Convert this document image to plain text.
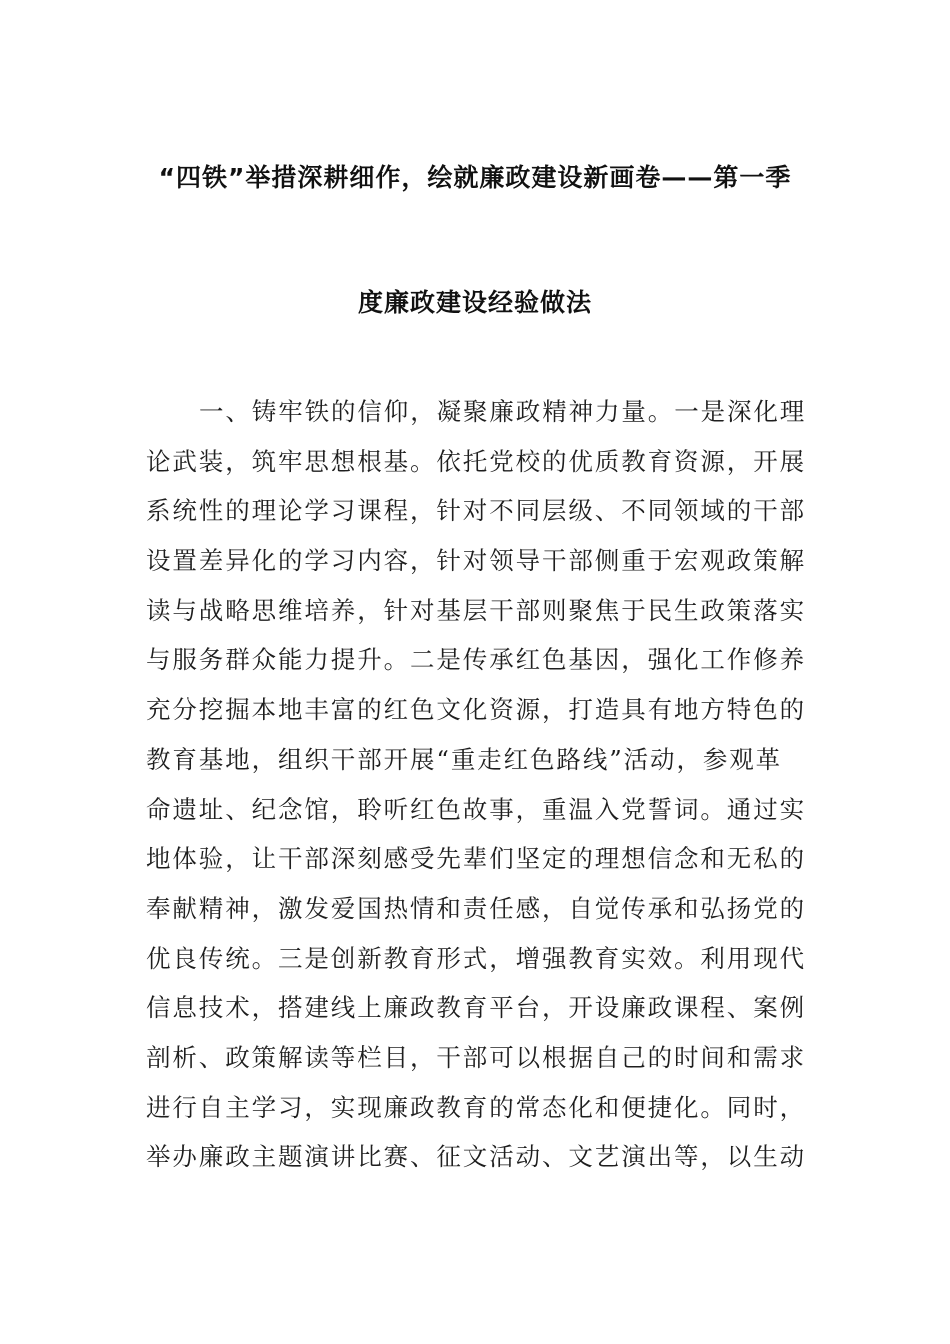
“四铁”举措深耕细作，绘就廉政建设新画卷——第一季
度廉政建设经验做法
一、铸牢铁的信仰，凝聚廉政精神力量。一是深化理
论武装，筑牢思想根基。依托党校的优质教育资源，开展
系统性的理论学习课程，针对不同层级、不同领域的干部
设置差异化的学习内容，针对领导干部侧重于宏观政策解
读与战略思维培养，针对基层干部则聚焦于民生政策落实
与服务群众能力提升。二是传承红色基因，强化工作修养
充分挖掘本地丰富的红色文化资源，打造具有地方特色的
教育基地，组织干部开展“重走红色路线”活动，参观革
命遗址、纪念馆，聆听红色故事，重温入党誓词。通过实
地体验，让干部深刻感受先辈们坚定的理想信念和无私的
奉献精神，激发爱国热情和责任感，自觉传承和弘扬党的
优良传统。三是创新教育形式，增强教育实效。利用现代
信息技术，搭建线上廉政教育平台，开设廉政课程、案例
剖析、政策解读等栏目，干部可以根据自己的时间和需求
进行自主学习，实现廉政教育的常态化和便捷化。同时，
举办廉政主题演讲比赛、征文活动、文艺演出等，以生动
